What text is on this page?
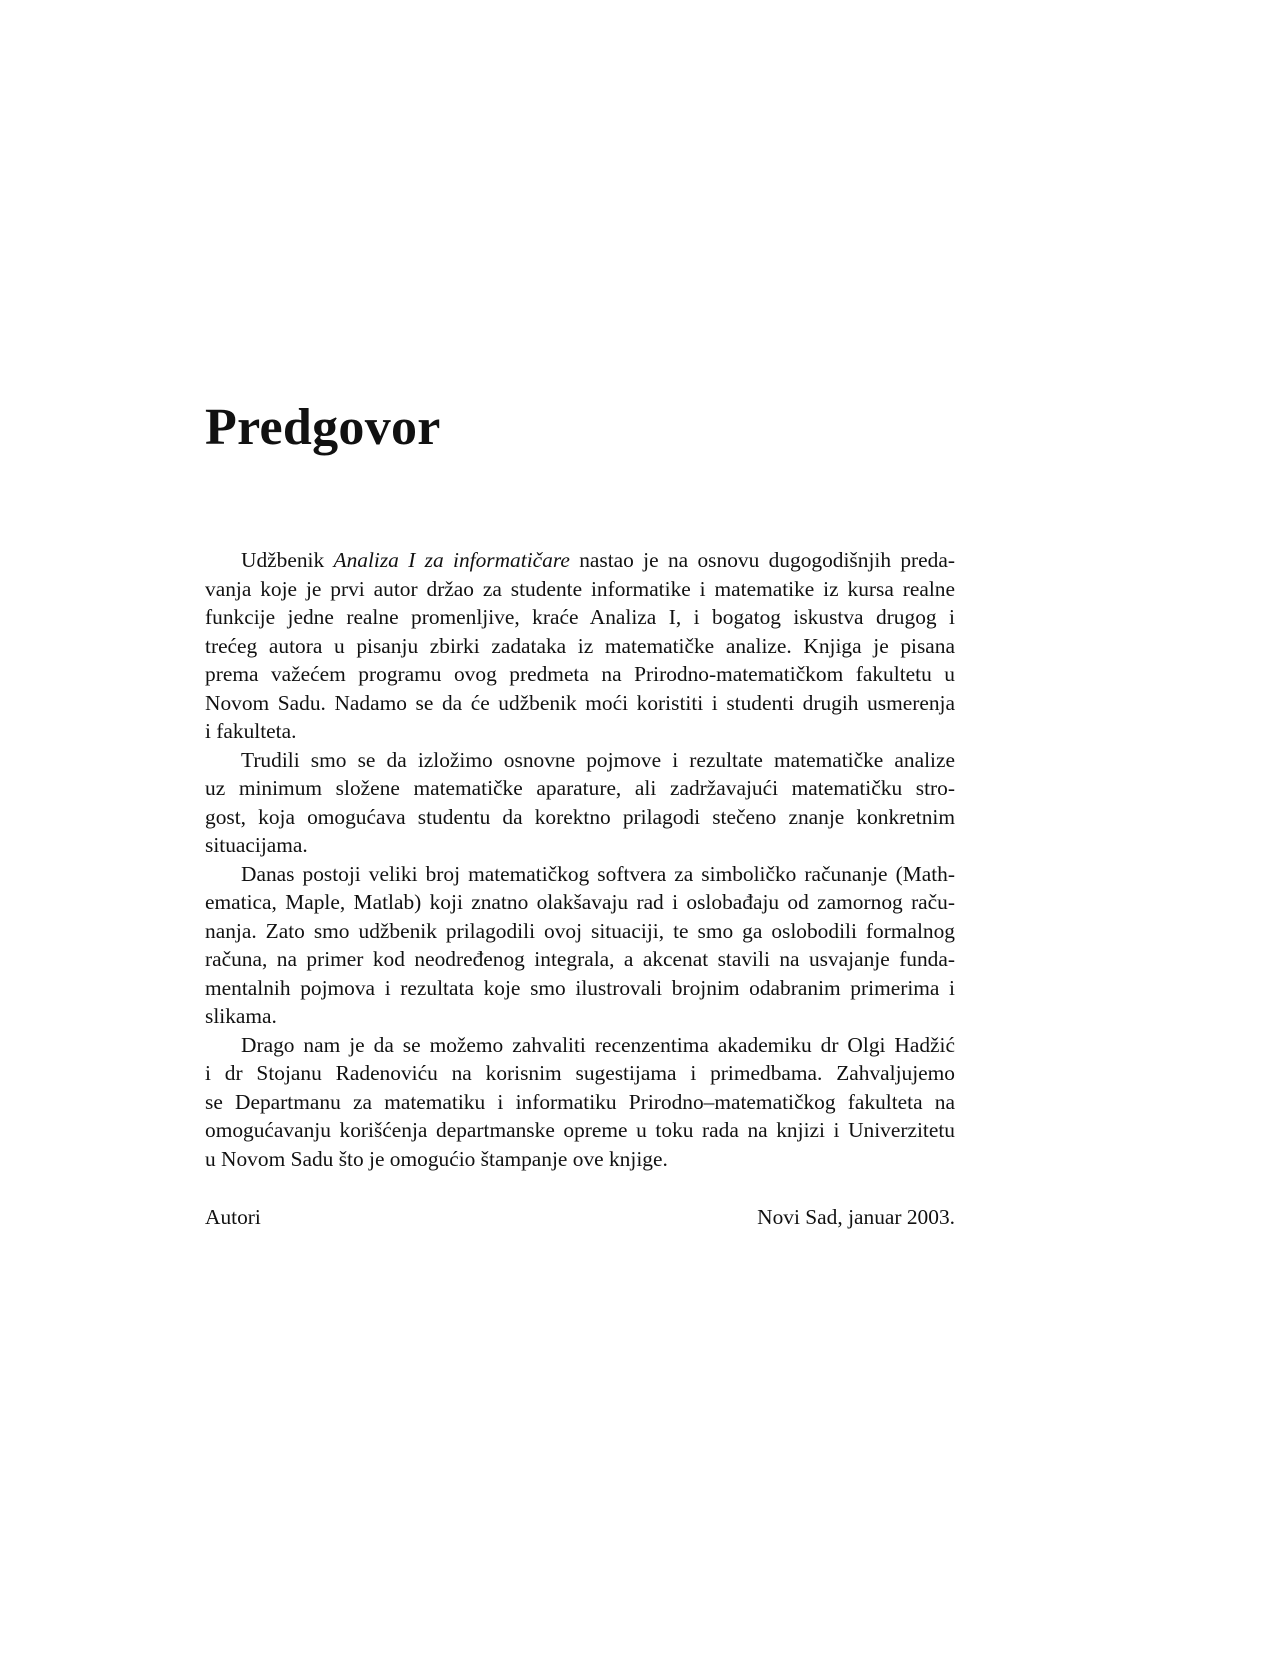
Predgovor
Udžbenik Analiza I za informatičare nastao je na osnovu dugogodišnjih preda-
vanja koje je prvi autor držao za studente informatike i matematike iz kursa realne
funkcije jedne realne promenljive, kraće Analiza I, i bogatog iskustva drugog i
trećeg autora u pisanju zbirki zadataka iz matematičke analize. Knjiga je pisana
prema važećem programu ovog predmeta na Prirodno-matematičkom fakultetu u
Novom Sadu. Nadamo se da će udžbenik moći koristiti i studenti drugih usmerenja
i fakulteta.
Trudili smo se da izložimo osnovne pojmove i rezultate matematičke analize
uz minimum složene matematičke aparature, ali zadržavajući matematičku stro-
gost, koja omogućava studentu da korektno prilagodi stečeno znanje konkretnim
situacijama.
Danas postoji veliki broj matematičkog softvera za simboličko računanje (Math-
ematica, Maple, Matlab) koji znatno olakšavaju rad i oslobađaju od zamornog raču-
nanja. Zato smo udžbenik prilagodili ovoj situaciji, te smo ga oslobodili formalnog
računa, na primer kod neodređenog integrala, a akcenat stavili na usvajanje funda-
mentalnih pojmova i rezultata koje smo ilustrovali brojnim odabranim primerima i
slikama.
Drago nam je da se možemo zahvaliti recenzentima akademiku dr Olgi Hadžić
i dr Stojanu Radenoviću na korisnim sugestijama i primedbama. Zahvaljujemo
se Departmanu za matematiku i informatiku Prirodno–matematičkog fakulteta na
omogućavanju korišćenja departmanske opreme u toku rada na knjizi i Univerzitetu
u Novom Sadu što je omogućio štampanje ove knjige.
Autori	Novi Sad, januar 2003.
